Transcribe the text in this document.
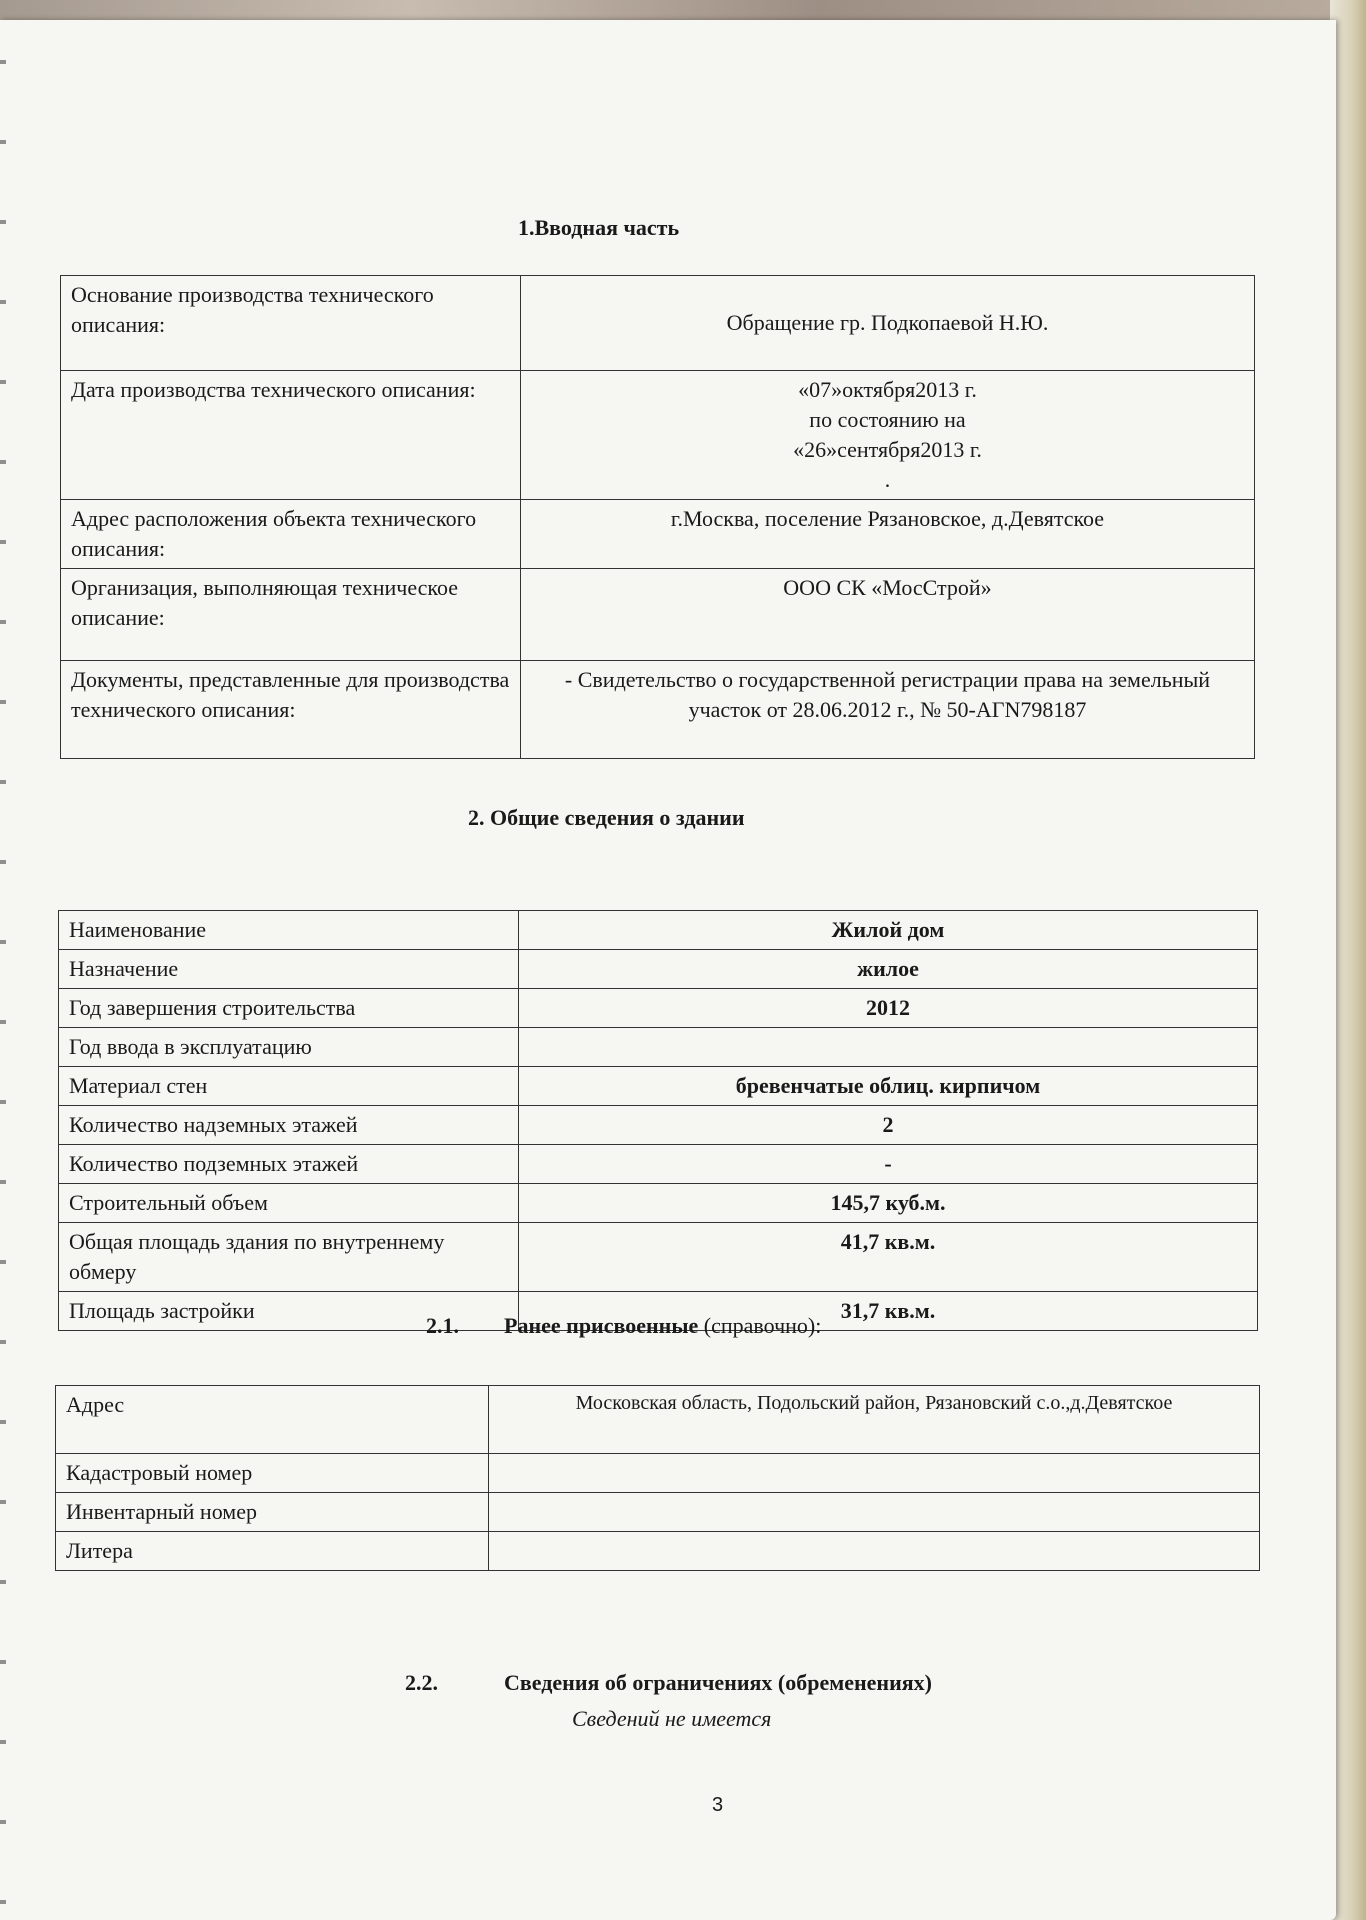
1.Вводная часть
Основание производства технического описания:	Обращение гр. Подкопаевой Н.Ю.
Дата производства технического описания:	«07»октября2013 г.
по состоянию на
«26»сентября2013 г.
.
Адрес расположения объекта технического описания:	г.Москва, поселение Рязановское, д.Девятское
Организация, выполняющая техническое описание:	ООО СК «МосСтрой»
Документы, представленные для производства технического описания:	- Свидетельство о государственной регистрации права на земельный участок от 28.06.2012 г., № 50-АГN798187
2. Общие сведения о здании
Наименование	Жилой дом
Назначение	жилое
Год завершения строительства	2012
Год ввода в эксплуатацию	
Материал стен	бревенчатые облиц. кирпичом
Количество надземных этажей	2
Количество подземных этажей	-
Строительный объем	145,7 куб.м.
Общая площадь здания по внутреннему обмеру	41,7 кв.м.
Площадь застройки	31,7 кв.м.
2.1. Ранее присвоенные (справочно):
Адрес	Московская область, Подольский район, Рязановский с.о.,д.Девятское
Кадастровый номер	
Инвентарный номер	
Литера	
2.2.	Сведения об ограничениях (обременениях)
Сведений не имеется
3
